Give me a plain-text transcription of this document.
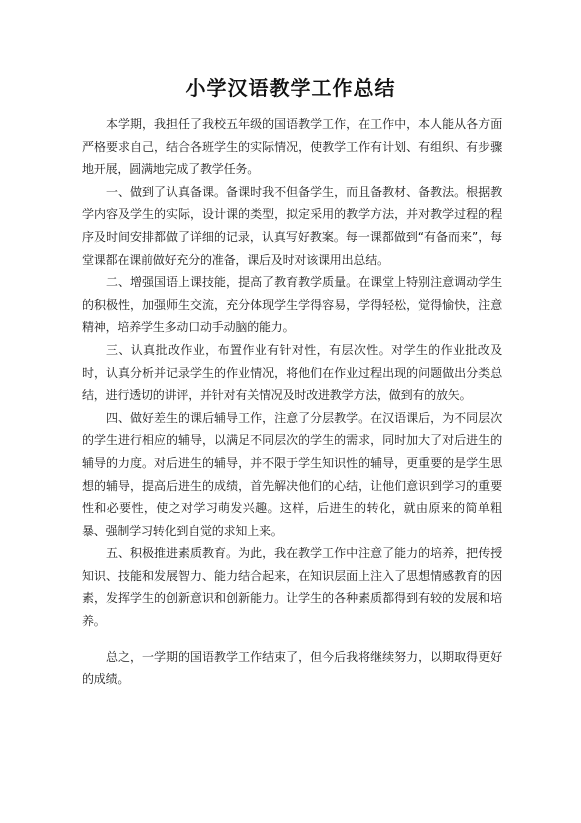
小学汉语教学工作总结

本学期，我担任了我校五年级的国语教学工作，在工作中，本人能从各方面严格要求自己，结合各班学生的实际情况，使教学工作有计划、有组织、有步骤地开展，圆满地完成了教学任务。

一、做到了认真备课。备课时我不但备学生，而且备教材、备教法。根据教学内容及学生的实际，设计课的类型，拟定采用的教学方法，并对教学过程的程序及时间安排都做了详细的记录，认真写好教案。每一课都做到“有备而来”，每堂课都在课前做好充分的准备，课后及时对该课用出总结。

二、增强国语上课技能，提高了教育教学质量。在课堂上特别注意调动学生的积极性，加强师生交流，充分体现学生学得容易，学得轻松，觉得愉快，注意精神，培养学生多动口动手动脑的能力。

三、认真批改作业，布置作业有针对性，有层次性。对学生的作业批改及时，认真分析并记录学生的作业情况，将他们在作业过程出现的问题做出分类总结，进行透切的讲评，并针对有关情况及时改进教学方法，做到有的放矢。

四、做好差生的课后辅导工作，注意了分层教学。在汉语课后，为不同层次的学生进行相应的辅导，以满足不同层次的学生的需求，同时加大了对后进生的辅导的力度。对后进生的辅导，并不限于学生知识性的辅导，更重要的是学生思想的辅导，提高后进生的成绩，首先解决他们的心结，让他们意识到学习的重要性和必要性，使之对学习萌发兴趣。这样，后进生的转化，就由原来的简单粗暴、强制学习转化到自觉的求知上来。

五、积极推进素质教育。为此，我在教学工作中注意了能力的培养，把传授知识、技能和发展智力、能力结合起来，在知识层面上注入了思想情感教育的因素，发挥学生的创新意识和创新能力。让学生的各种素质都得到有较的发展和培养。

总之，一学期的国语教学工作结束了，但今后我将继续努力，以期取得更好的成绩。
